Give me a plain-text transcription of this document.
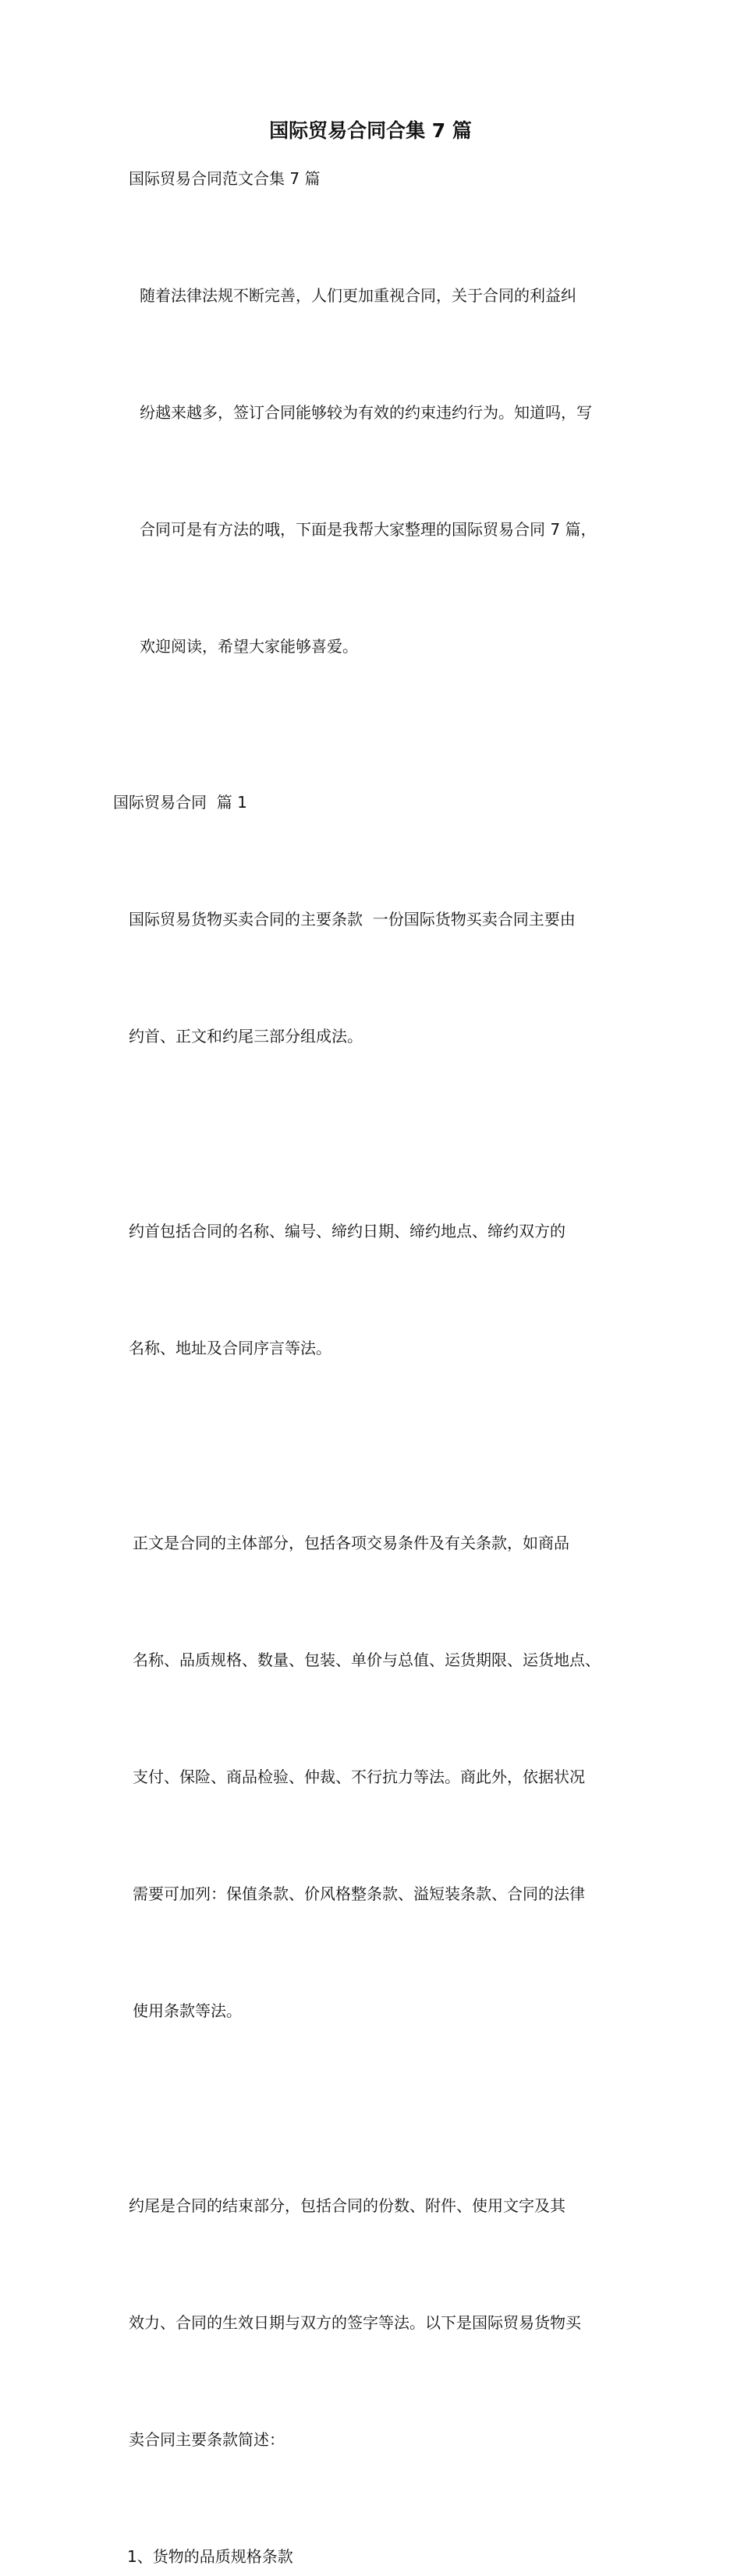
国际贸易合同合集 7 篇

国际贸易合同范文合集 7 篇

随着法律法规不断完善，人们更加重视合同，关于合同的利益纠

纷越来越多，签订合同能够较为有效的约束违约行为。知道吗，写

合同可是有方法的哦，下面是我帮大家整理的国际贸易合同 7 篇，

欢迎阅读，希望大家能够喜爱。

国际贸易合同  篇 1

国际贸易货物买卖合同的主要条款  一份国际货物买卖合同主要由

约首、正文和约尾三部分组成法。

约首包括合同的名称、编号、缔约日期、缔约地点、缔约双方的

名称、地址及合同序言等法。

正文是合同的主体部分，包括各项交易条件及有关条款，如商品

名称、品质规格、数量、包装、单价与总值、运货期限、运货地点、

支付、保险、商品检验、仲裁、不行抗力等法。商此外，依据状况

需要可加列：保值条款、价风格整条款、溢短装条款、合同的法律

使用条款等法。

约尾是合同的结束部分，包括合同的份数、附件、使用文字及其

效力、合同的生效日期与双方的签字等法。以下是国际贸易货物买

卖合同主要条款简述：

1、货物的品质规格条款
